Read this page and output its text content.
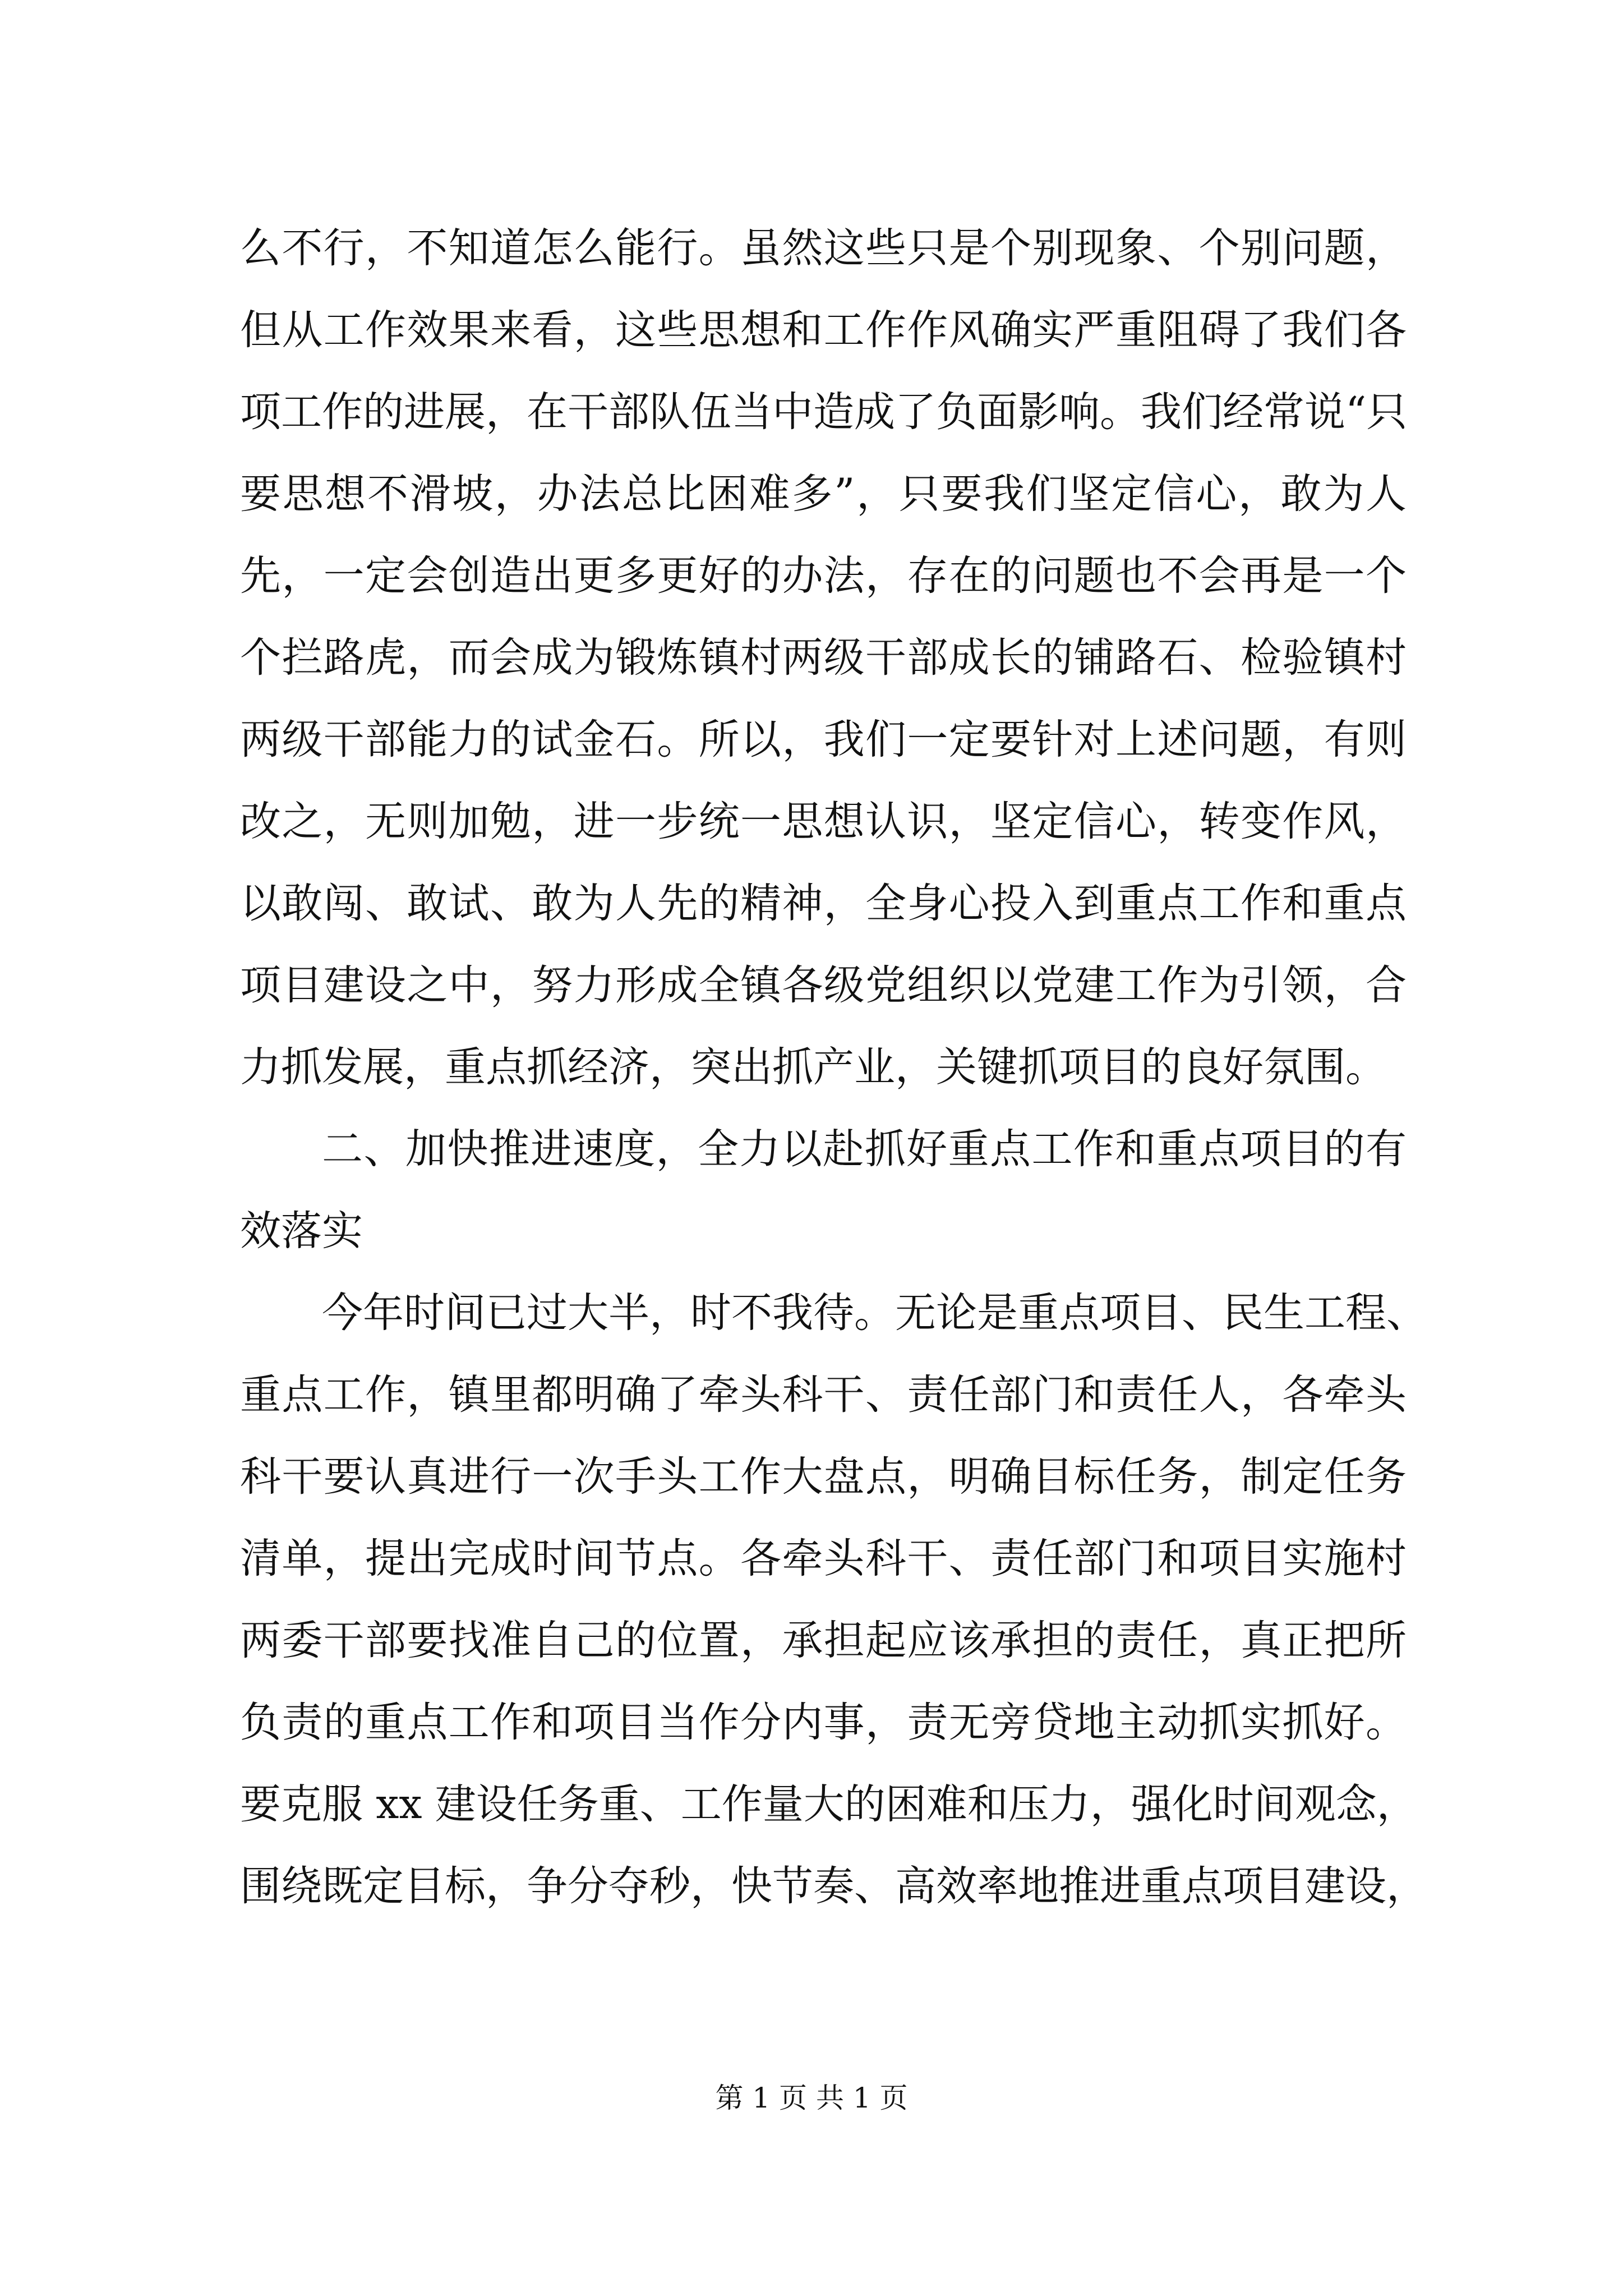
么不行，不知道怎么能行。虽然这些只是个别现象、个别问题，
但从工作效果来看，这些思想和工作作风确实严重阻碍了我们各
项工作的进展，在干部队伍当中造成了负面影响。我们经常说“只
要思想不滑坡，办法总比困难多”，只要我们坚定信心，敢为人
先，一定会创造出更多更好的办法，存在的问题也不会再是一个
个拦路虎，而会成为锻炼镇村两级干部成长的铺路石、检验镇村
两级干部能力的试金石。所以，我们一定要针对上述问题，有则
改之，无则加勉，进一步统一思想认识，坚定信心，转变作风，
以敢闯、敢试、敢为人先的精神，全身心投入到重点工作和重点
项目建设之中，努力形成全镇各级党组织以党建工作为引领，合
力抓发展，重点抓经济，突出抓产业，关键抓项目的良好氛围。
二、加快推进速度，全力以赴抓好重点工作和重点项目的有
效落实
今年时间已过大半，时不我待。无论是重点项目、民生工程、
重点工作，镇里都明确了牵头科干、责任部门和责任人，各牵头
科干要认真进行一次手头工作大盘点，明确目标任务，制定任务
清单，提出完成时间节点。各牵头科干、责任部门和项目实施村
两委干部要找准自己的位置，承担起应该承担的责任，真正把所
负责的重点工作和项目当作分内事，责无旁贷地主动抓实抓好。
要克服 xx 建设任务重、工作量大的困难和压力，强化时间观念，
围绕既定目标，争分夺秒，快节奏、高效率地推进重点项目建设，
第 1 页 共 1 页
